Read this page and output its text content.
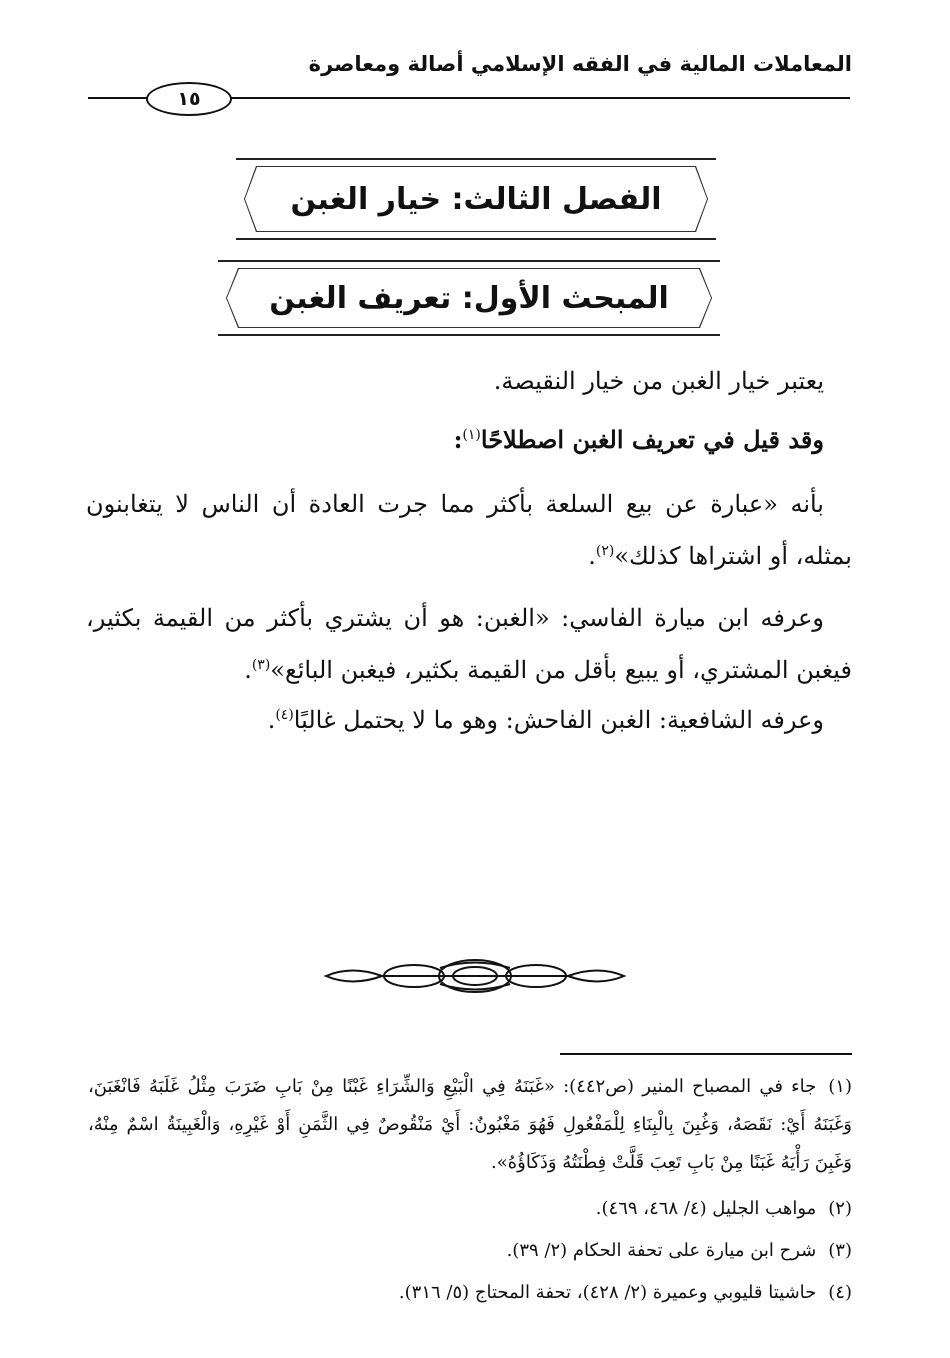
المعاملات المالية في الفقه الإسلامي أصالة ومعاصرة
١٥
الفصل الثالث: خيار الغبن
المبحث الأول: تعريف الغبن
يعتبر خيار الغبن من خيار النقيصة.
وقد قيل في تعريف الغبن اصطلاحًا$^{(١)}$:
بأنه «عبارة عن بيع السلعة بأكثر مما جرت العادة أن الناس لا يتغابنون بمثله، أو اشتراها كذلك»$^{(٢)}$.
وعرفه ابن ميارة الفاسي: «الغبن: هو أن يشتري بأكثر من القيمة بكثير، فيغبن المشتري، أو يبيع بأقل من القيمة بكثير، فيغبن البائع»$^{(٣)}$.
وعرفه الشافعية: الغبن الفاحش: وهو ما لا يحتمل غالبًا$^{(٤)}$.
(١)جاء في المصباح المنير (ص٤٤٢): «غَبَنَهُ فِي الْبَيْعِ وَالشِّرَاءِ غَبْنًا مِنْ بَابِ ضَرَبَ مِثْلُ غَلَبَهُ فَانْغَبَنَ، وَغَبَنَهُ أَيْ: نَقَصَهُ، وَغُبِنَ بِالْبِنَاءِ لِلْمَفْعُولِ فَهُوَ مَغْبُونٌ: أَيْ مَنْقُوصٌ فِي الثَّمَنِ أَوْ غَيْرِهِ، وَالْغَبِينَةُ اسْمٌ مِنْهُ، وَغَبِنَ رَأْيَهُ غَبَنًا مِنْ بَابِ تَعِبَ قَلَّتْ فِطْنَتُهُ وَذَكَاؤُهُ».
(٢)مواهب الجليل (٤/ ٤٦٨، ٤٦٩).
(٣)شرح ابن ميارة على تحفة الحكام (٢/ ٣٩).
(٤)حاشيتا قليوبي وعميرة (٢/ ٤٢٨)، تحفة المحتاج (٥/ ٣١٦).
